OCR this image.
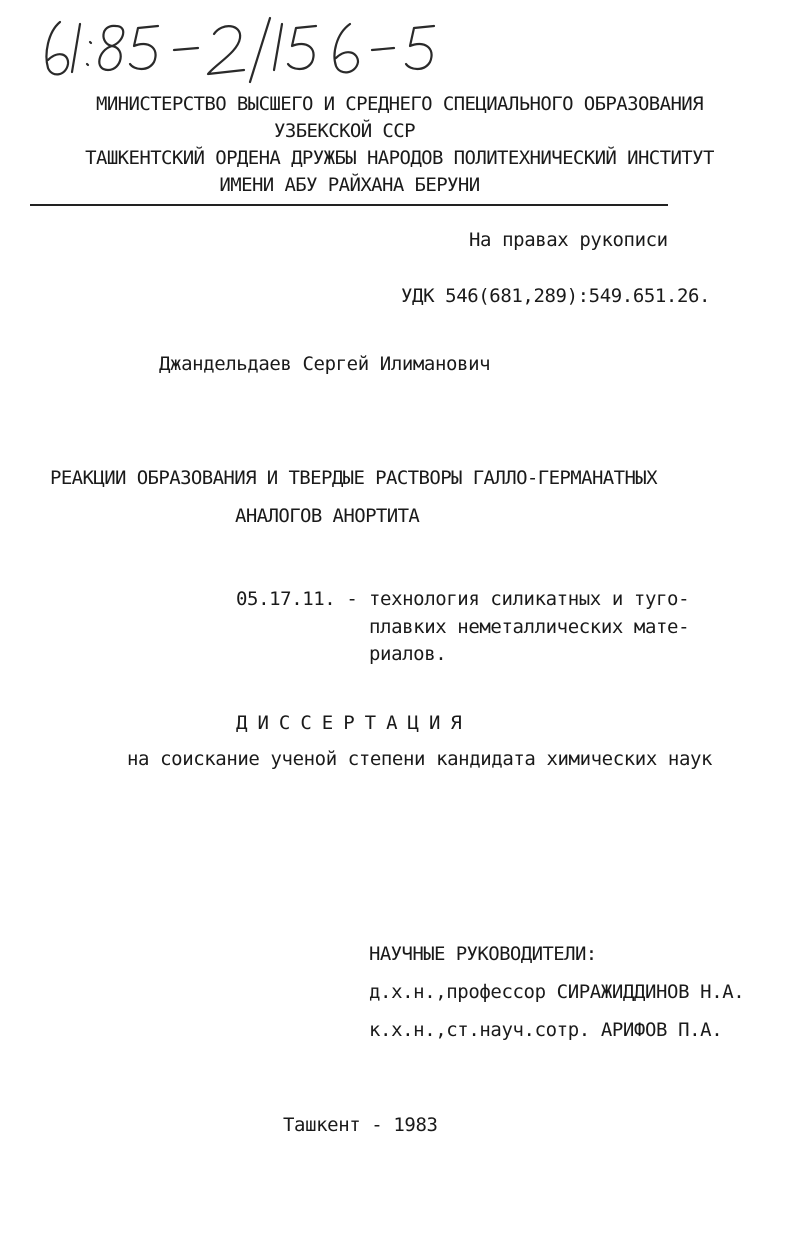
МИНИСТЕРСТВО ВЫСШЕГО И СРЕДНЕГО СПЕЦИАЛЬНОГО ОБРАЗОВАНИЯ
УЗБЕКСКОЙ ССР
ТАШКЕНТСКИЙ ОРДЕНА ДРУЖБЫ НАРОДОВ ПОЛИТЕХНИЧЕСКИЙ ИНСТИТУТ
ИМЕНИ АБУ РАЙХАНА БЕРУНИ
На правах рукописи
УДК 546(681,289):549.651.26.
Джандельдаев Сергей Илиманович
РЕАКЦИИ ОБРАЗОВАНИЯ И ТВЕРДЫЕ РАСТВОРЫ ГАЛЛО-ГЕРМАНАТНЫХ
АНАЛОГОВ АНОРТИТА
05.17.11. - технология силикатных и туго-
плавких неметаллических мате-
риалов.
ДИССЕРТАЦИЯ
на соискание ученой степени кандидата химических наук
НАУЧНЫЕ РУКОВОДИТЕЛИ:
д.х.н.,профессор СИРАЖИДДИНОВ Н.А.
к.х.н.,ст.науч.сотр. АРИФОВ П.А.
Ташкент - 1983
